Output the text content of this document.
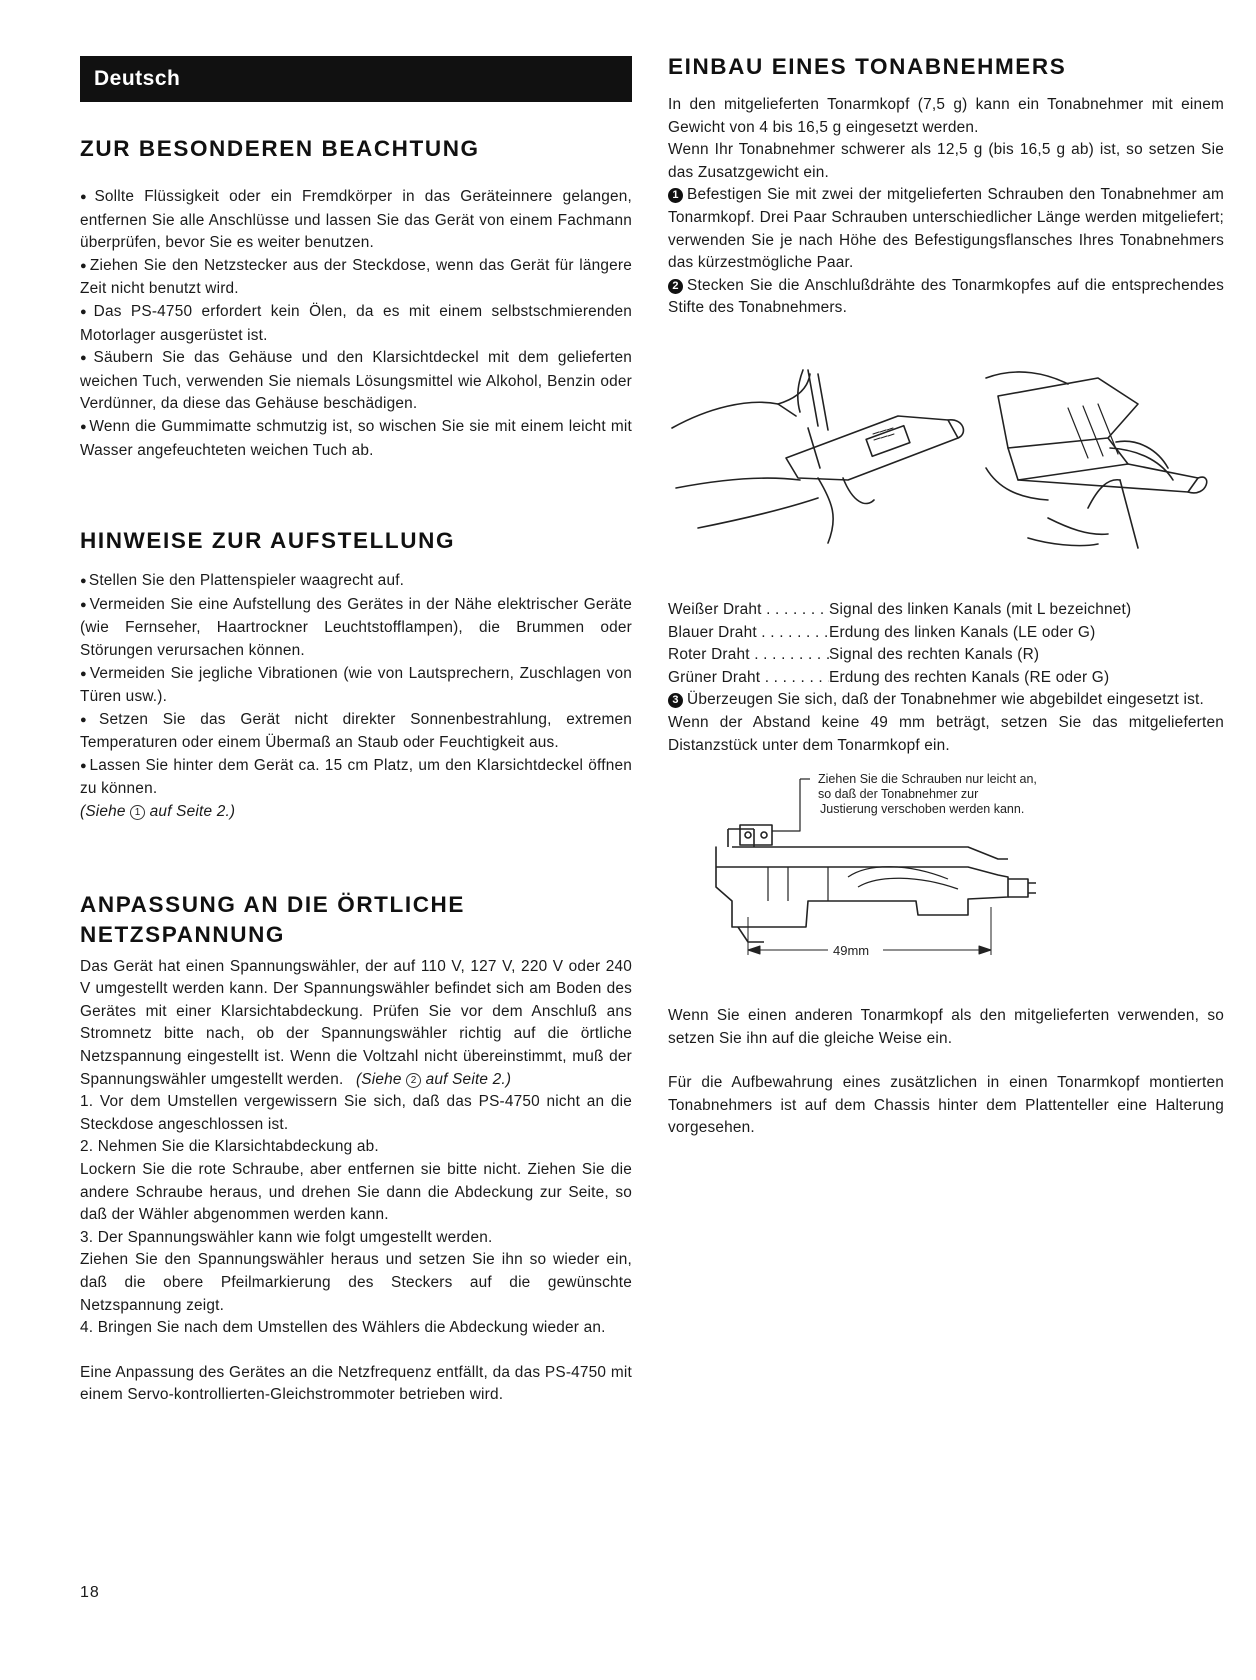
Deutsch
ZUR BESONDEREN BEACHTUNG

● Sollte Flüssigkeit oder ein Fremdkörper in das Geräteinnere gelangen, entfernen Sie alle Anschlüsse und lassen Sie das Gerät von einem Fachmann überprüfen, bevor Sie es weiter benutzen.

● Ziehen Sie den Netzstecker aus der Steckdose, wenn das Gerät für längere Zeit nicht benutzt wird.

● Das PS-4750 erfordert kein Ölen, da es mit einem selbstschmierenden Motorlager ausgerüstet ist.

● Säubern Sie das Gehäuse und den Klarsichtdeckel mit dem gelieferten weichen Tuch, verwenden Sie niemals Lösungsmittel wie Alkohol, Benzin oder Verdünner, da diese das Gehäuse beschädigen.

● Wenn die Gummimatte schmutzig ist, so wischen Sie sie mit einem leicht mit Wasser angefeuchteten weichen Tuch ab.

HINWEISE ZUR AUFSTELLUNG

● Stellen Sie den Plattenspieler waagrecht auf.

● Vermeiden Sie eine Aufstellung des Gerätes in der Nähe elektrischer Geräte (wie Fernseher, Haartrockner Leuchtstofflampen), die Brummen oder Störungen verursachen können.

● Vermeiden Sie jegliche Vibrationen (wie von Lautsprechern, Zuschlagen von Türen usw.).

● Setzen Sie das Gerät nicht direkter Sonnenbestrahlung, extremen Temperaturen oder einem Übermaß an Staub oder Feuchtigkeit aus.

● Lassen Sie hinter dem Gerät ca. 15 cm Platz, um den Klarsichtdeckel öffnen zu können.

(Siehe 1 auf Seite 2.)

ANPASSUNG AN DIE ÖRTLICHE
NETZSPANNUNG

Das Gerät hat einen Spannungswähler, der auf 110 V, 127 V, 220 V oder 240 V umgestellt werden kann. Der Spannungswähler befindet sich am Boden des Gerätes mit einer Klarsichtabdeckung. Prüfen Sie vor dem Anschluß ans Stromnetz bitte nach, ob der Spannungswähler richtig auf die örtliche Netzspannung eingestellt ist. Wenn die Voltzahl nicht übereinstimmt, muß der Spannungswähler umgestellt werden. (Siehe 2 auf Seite 2.)

1. Vor dem Umstellen vergewissern Sie sich, daß das PS-4750 nicht an die Steckdose angeschlossen ist.

2. Nehmen Sie die Klarsichtabdeckung ab.

Lockern Sie die rote Schraube, aber entfernen sie bitte nicht. Ziehen Sie die andere Schraube heraus, und drehen Sie dann die Abdeckung zur Seite, so daß der Wähler abgenommen werden kann.

3. Der Spannungswähler kann wie folgt umgestellt werden.

Ziehen Sie den Spannungswähler heraus und setzen Sie ihn so wieder ein, daß die obere Pfeilmarkierung des Steckers auf die gewünschte Netzspannung zeigt.

4. Bringen Sie nach dem Umstellen des Wählers die Abdeckung wieder an.

Eine Anpassung des Gerätes an die Netzfrequenz entfällt, da das PS-4750 mit einem Servo-kontrollierten-Gleichstrommoter betrieben wird.

18
EINBAU EINES TONABNEHMERS

In den mitgelieferten Tonarmkopf (7,5 g) kann ein Tonabnehmer mit einem Gewicht von 4 bis 16,5 g eingesetzt werden.

Wenn Ihr Tonabnehmer schwerer als 12,5 g (bis 16,5 g ab) ist, so setzen Sie das Zusatzgewicht ein.

1 Befestigen Sie mit zwei der mitgelieferten Schrauben den Tonabnehmer am Tonarmkopf. Drei Paar Schrauben unterschiedlicher Länge werden mitgeliefert; verwenden Sie je nach Höhe des Befestigungsflansches Ihres Tonabnehmers das kürzestmögliche Paar.

2 Stecken Sie die Anschlußdrähte des Tonarmkopfes auf die entsprechendes Stifte des Tonabnehmers.

Weißer Draht . . .	Signal des linken Kanals (mit L bezeichnet)
Blauer Draht . . .	Erdung des linken Kanals (LE oder G)
Roter Draht . . .	Signal des rechten Kanals (R)
Grüner Draht . . .	Erdung des rechten Kanals (RE oder G)

3 Überzeugen Sie sich, daß der Tonabnehmer wie abgebildet eingesetzt ist.

Wenn der Abstand keine 49 mm beträgt, setzen Sie das mitgelieferten Distanzstück unter dem Tonarmkopf ein.

Ziehen Sie die Schrauben nur leicht an,
so daß der Tonabnehmer zur
Justierung verschoben werden kann.
49mm

Wenn Sie einen anderen Tonarmkopf als den mitgelieferten verwenden, so setzen Sie ihn auf die gleiche Weise ein.

Für die Aufbewahrung eines zusätzlichen in einen Tonarmkopf montierten Tonabnehmers ist auf dem Chassis hinter dem Plattenteller eine Halterung vorgesehen.
